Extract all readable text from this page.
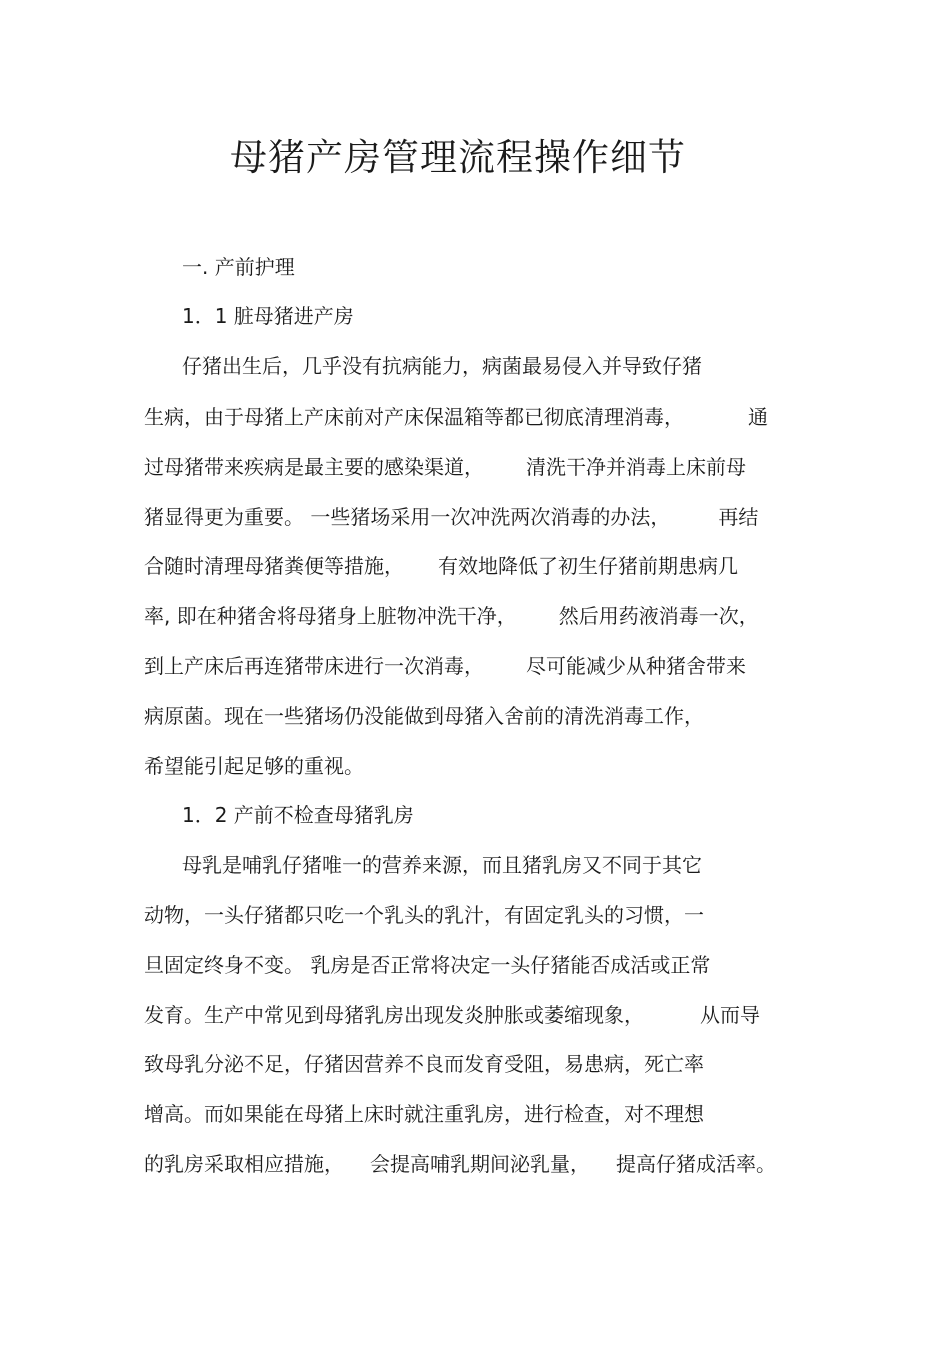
母猪产房管理流程操作细节
一. 产前护理
1．1 脏母猪进产房
仔猪出生后，几乎没有抗病能力，病菌最易侵入并导致仔猪
生病，由于母猪上产床前对产床保温箱等都已彻底清理消毒，	通
过母猪带来疾病是最主要的感染渠道， 清洗干净并消毒上床前母
猪显得更为重要。 一些猪场采用一次冲洗两次消毒的办法， 再结
合随时清理母猪粪便等措施， 有效地降低了初生仔猪前期患病几
率, 即在种猪舍将母猪身上脏物冲洗干净， 然后用药液消毒一次，
到上产床后再连猪带床进行一次消毒， 尽可能减少从种猪舍带来
病原菌。现在一些猪场仍没能做到母猪入舍前的清洗消毒工作，
希望能引起足够的重视。
1．2 产前不检查母猪乳房
母乳是哺乳仔猪唯一的营养来源，而且猪乳房又不同于其它
动物，一头仔猪都只吃一个乳头的乳汁，有固定乳头的习惯，一
旦固定终身不变。 乳房是否正常将决定一头仔猪能否成活或正常
发育。生产中常见到母猪乳房出现发炎肿胀或萎缩现象，	从而导
致母乳分泌不足，仔猪因营养不良而发育受阻，易患病，死亡率
增高。而如果能在母猪上床时就注重乳房，进行检查，对不理想
的乳房采取相应措施， 会提高哺乳期间泌乳量， 提高仔猪成活率。
